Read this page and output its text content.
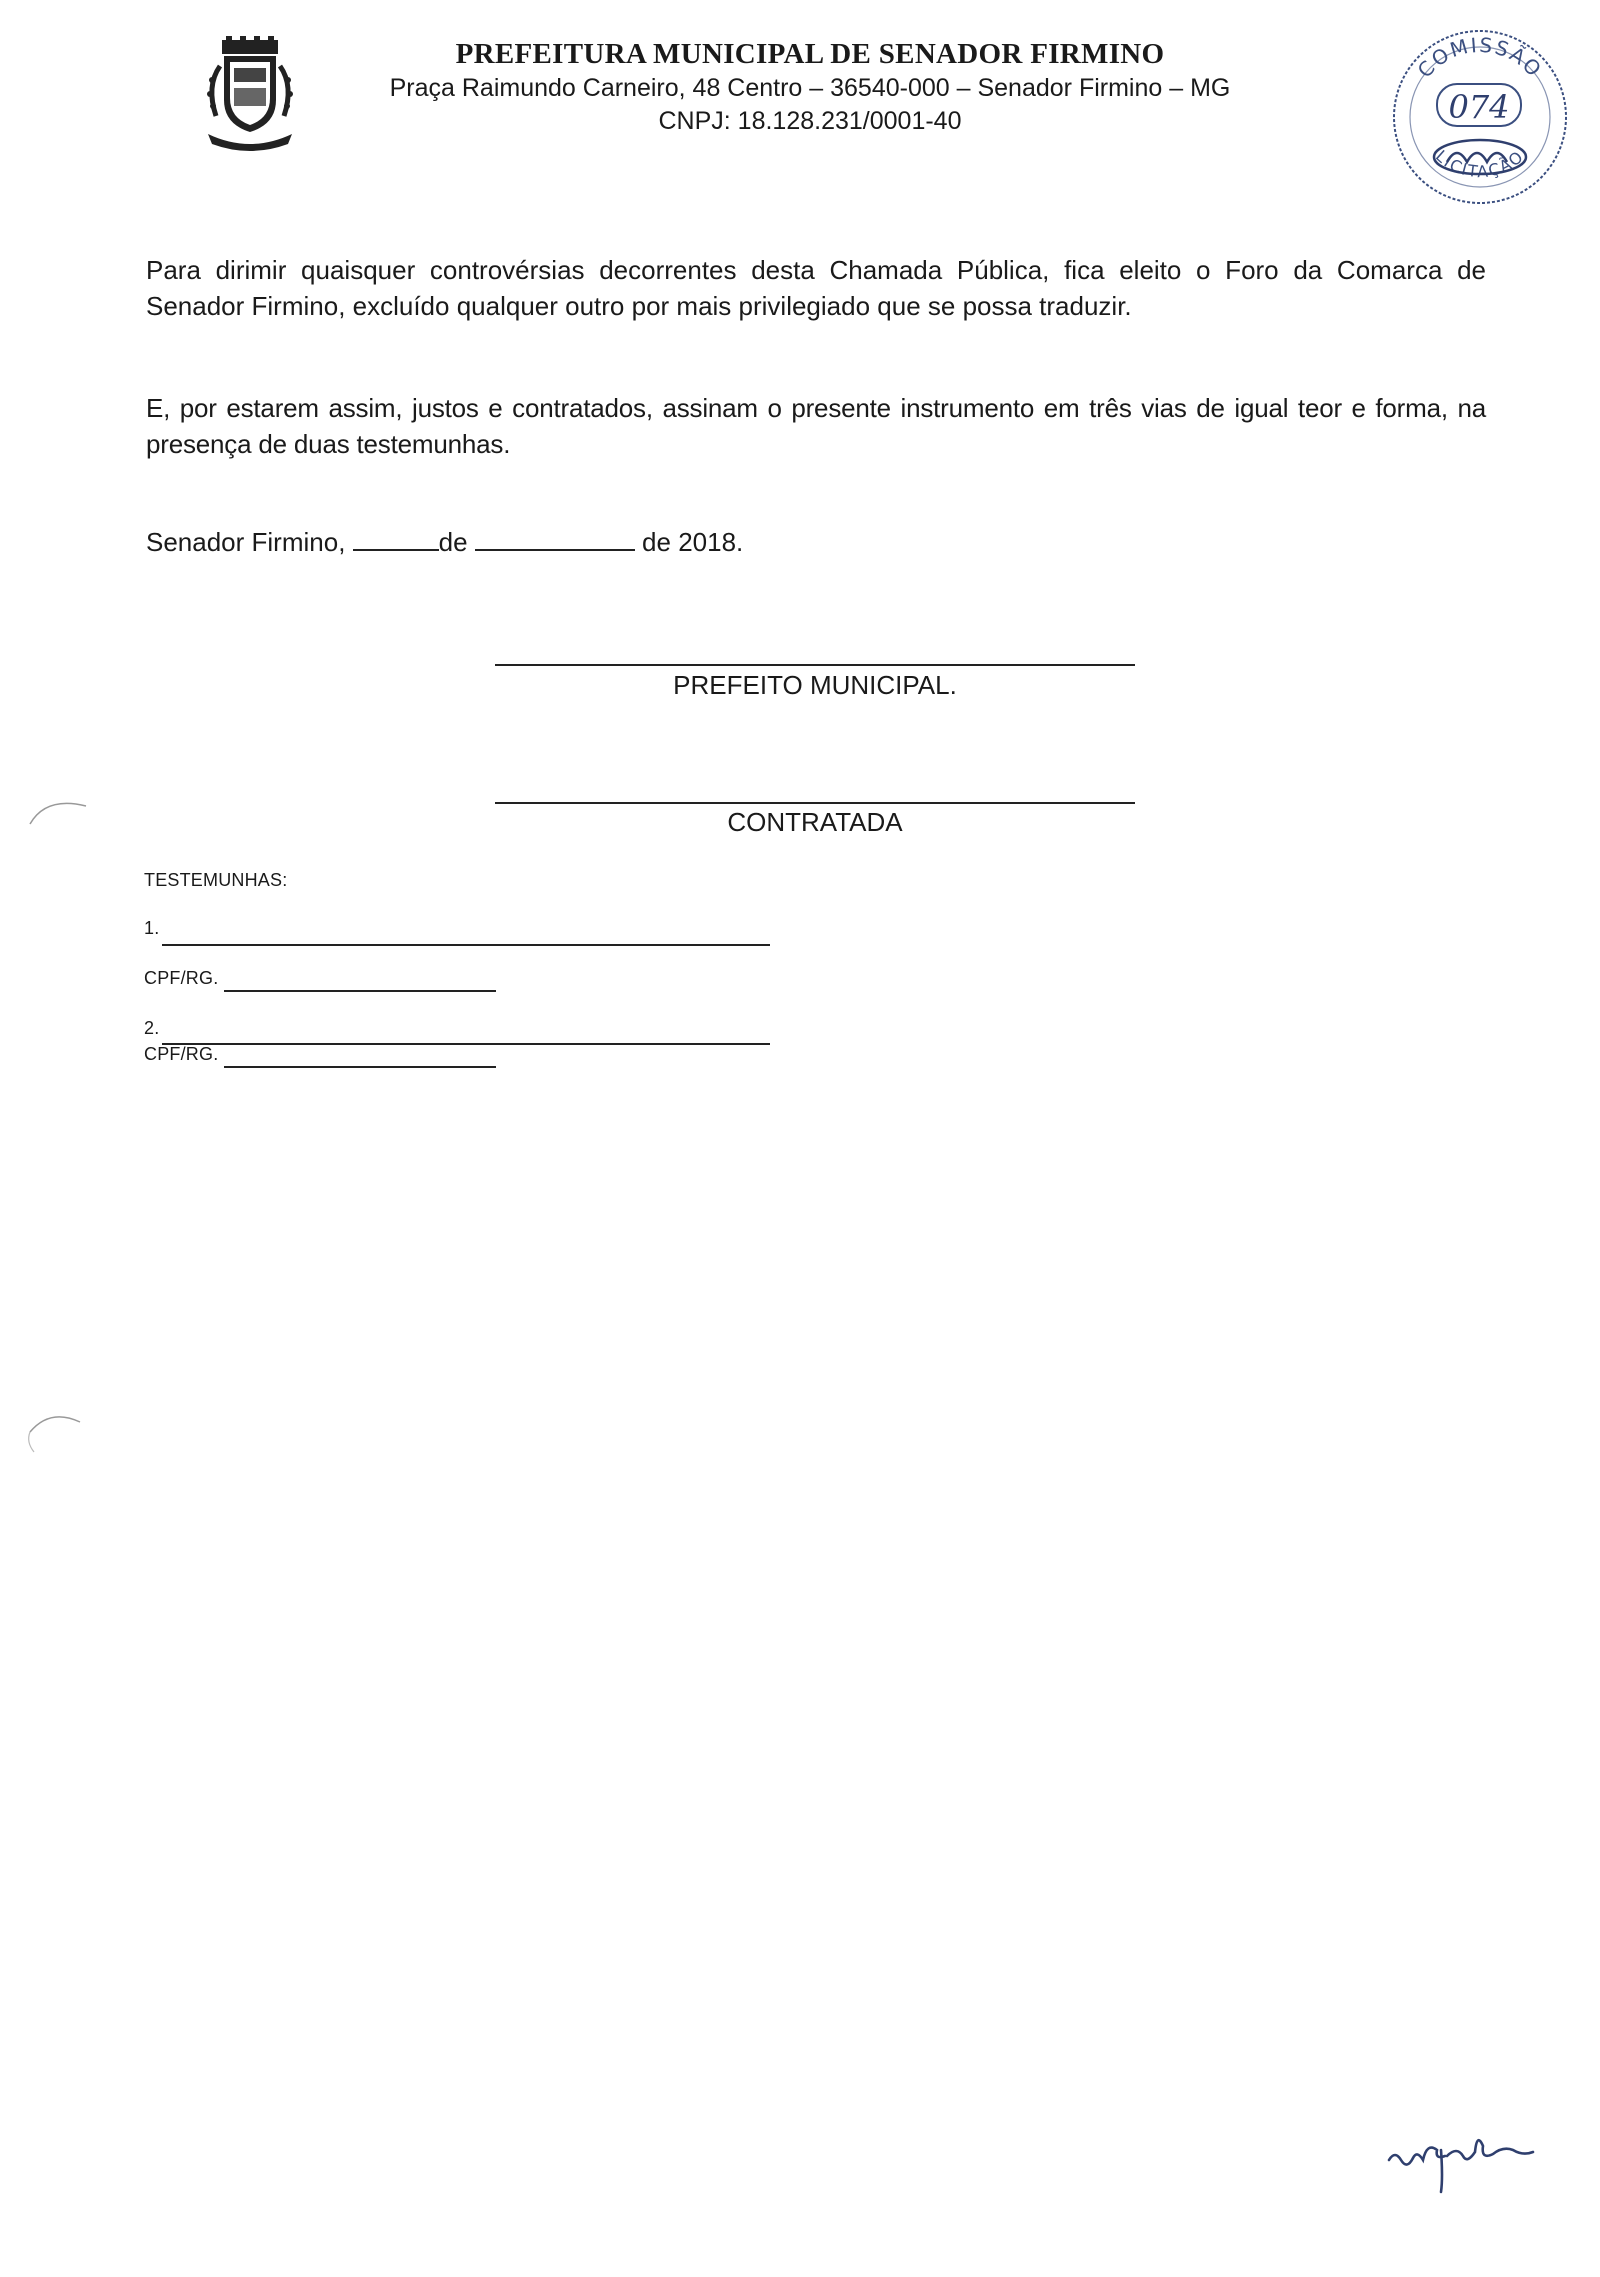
PREFEITURA MUNICIPAL DE SENADOR FIRMINO
Praça Raimundo Carneiro, 48 Centro – 36540-000 – Senador Firmino – MG
CNPJ: 18.128.231/0001-40
COMISSÃO
LICITAÇÃO
074
Para dirimir quaisquer controvérsias decorrentes desta Chamada Pública, fica eleito o Foro da Comarca de Senador Firmino, excluído qualquer outro por mais privilegiado que se possa traduzir.
E, por estarem assim, justos e contratados, assinam o presente instrumento em três vias de igual teor e forma, na presença de duas testemunhas.
Senador Firmino,	de	de 2018.
PREFEITO MUNICIPAL.
CONTRATADA
TESTEMUNHAS:
1.
CPF/RG.
2.
CPF/RG.
